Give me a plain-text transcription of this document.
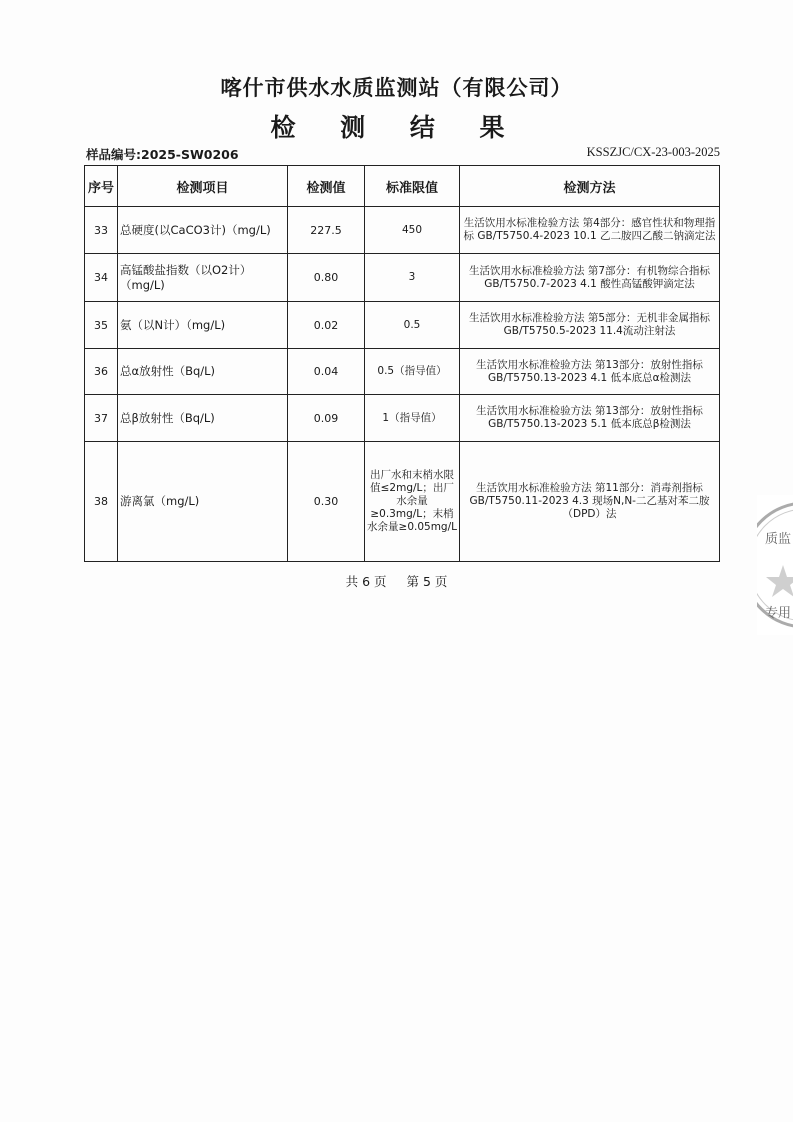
喀什市供水水质监测站（有限公司）
检 测 结 果
样品编号:2025-SW0206	KSSZJC/CX-23-003-2025
序号	检测项目	检测值	标准限值	检测方法
33	总硬度(以CaCO3计)（mg/L)	227.5	450	生活饮用水标准检验方法 第4部分：感官性状和物理指标 GB/T5750.4-2023 10.1 乙二胺四乙酸二钠滴定法
34	高锰酸盐指数（以O2计）（mg/L)	0.80	3	生活饮用水标准检验方法 第7部分：有机物综合指标 GB/T5750.7-2023 4.1 酸性高锰酸钾滴定法
35	氨（以N计）（mg/L)	0.02	0.5	生活饮用水标准检验方法 第5部分：无机非金属指标 GB/T5750.5-2023 11.4流动注射法
36	总α放射性（Bq/L)	0.04	0.5（指导值）	生活饮用水标准检验方法 第13部分：放射性指标GB/T5750.13-2023 4.1 低本底总α检测法
37	总β放射性（Bq/L)	0.09	1（指导值）	生活饮用水标准检验方法 第13部分：放射性指标GB/T5750.13-2023 5.1 低本底总β检测法
38	游离氯（mg/L)	0.30	出厂水和末梢水限值≤2mg/L；出厂水余量≥0.3mg/L；末梢水余量≥0.05mg/L	生活饮用水标准检验方法 第11部分：消毒剂指标 GB/T5750.11-2023 4.3 现场N,N-二乙基对苯二胺（DPD）法
共 6 页 第 5 页
质监
专用
